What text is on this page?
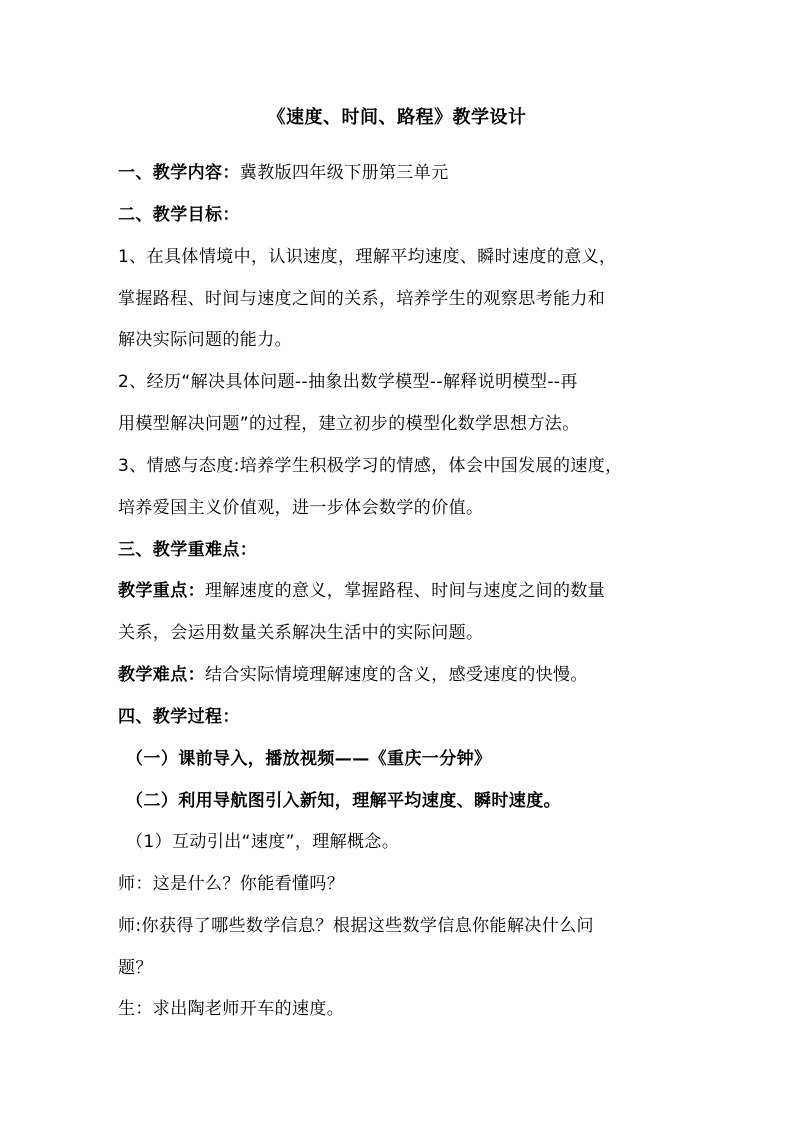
《速度、时间、路程》教学设计
一、教学内容：冀教版四年级下册第三单元
二、教学目标：
1、在具体情境中，认识速度，理解平均速度、瞬时速度的意义，
掌握路程、时间与速度之间的关系，培养学生的观察思考能力和
解决实际问题的能力。
2、经历“解决具体问题--抽象出数学模型--解释说明模型--再
用模型解决问题”的过程，建立初步的模型化数学思想方法。
3、情感与态度:培养学生积极学习的情感，体会中国发展的速度，
培养爱国主义价值观，进一步体会数学的价值。
三、教学重难点：
教学重点：理解速度的意义，掌握路程、时间与速度之间的数量
关系，会运用数量关系解决生活中的实际问题。
教学难点：结合实际情境理解速度的含义，感受速度的快慢。
四、教学过程：
（一）课前导入，播放视频——《重庆一分钟》
（二）利用导航图引入新知，理解平均速度、瞬时速度。
（1）互动引出“速度”，理解概念。
师：这是什么？你能看懂吗？
师:你获得了哪些数学信息？根据这些数学信息你能解决什么问
题？
生：求出陶老师开车的速度。
